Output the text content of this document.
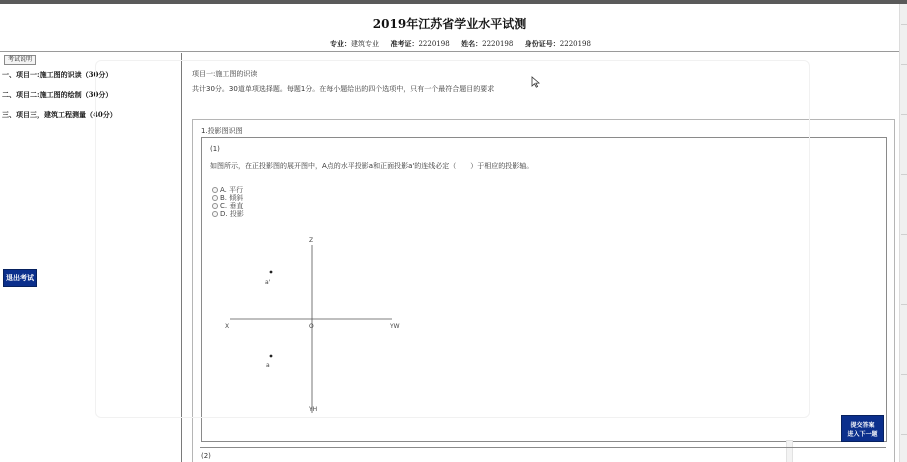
2019年江苏省学业水平试测
专业：建筑专业 准考证：2220198 姓名：2220198 身份证号：2220198
考试说明
一、项目一:施工图的识读（30分）
二、项目二:施工图的绘制（30分）
三、项目三，建筑工程测量（40分）
退出考试
项目一:施工图的识读
共计30分。30道单项选择题。每题1分。在每小题给出的四个选项中，只有一个最符合题目的要求
1.投影图识图
(1)
如图所示，在正投影图的展开图中，A点的水平投影a和正面投影a'的连线必定（　　）于相应的投影轴。
A. 平行
B. 倾斜
C. 垂直
D. 投影
Z
X	O	YW
YH
a'
a
(2)
提交答案
进入下一题
